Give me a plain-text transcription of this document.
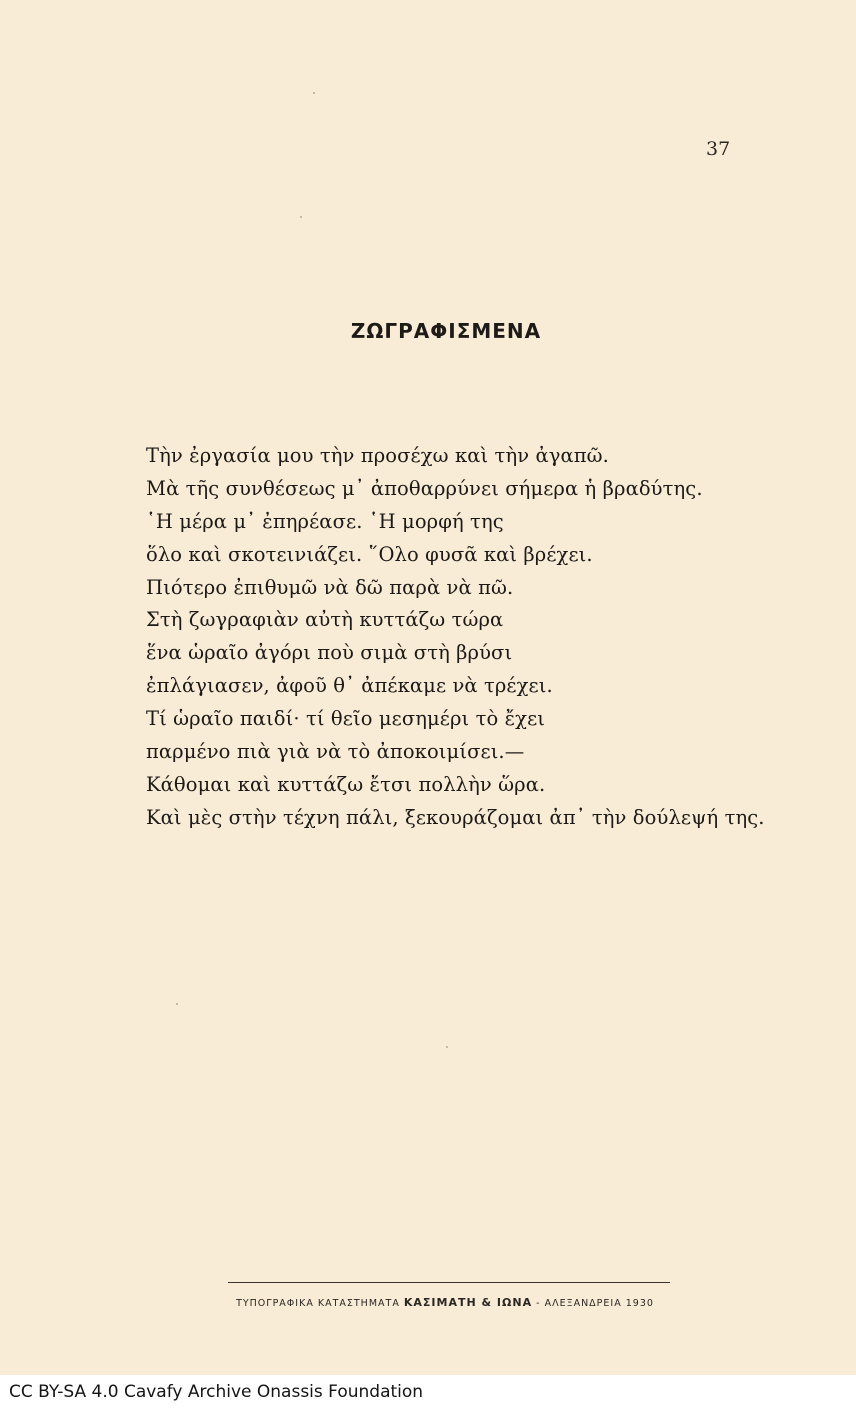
37
ΖΩΓΡΑΦΙΣΜΕΝΑ
Τὴν ἐργασία μου τὴν προσέχω καὶ τὴν ἀγαπῶ.
Μὰ τῆς συνθέσεως μ᾿ ἀποθαρρύνει σήμερα ἡ βραδύτης.
῾Η μέρα μ᾿ ἐπηρέασε. ῾Η μορφή της
ὅλο καὶ σκοτεινιάζει. ῞Ολο φυσᾶ καὶ βρέχει.
Πιότερο ἐπιθυμῶ νὰ δῶ παρὰ νὰ πῶ.
Στὴ ζωγραφιὰν αὐτὴ κυττάζω τώρα
ἕνα ὡραῖο ἀγόρι ποὺ σιμὰ στὴ βρύσι
ἐπλάγιασεν, ἀφοῦ θ᾿ ἀπέκαμε νὰ τρέχει.
Τί ὡραῖο παιδί· τί θεῖο μεσημέρι τὸ ἔχει
παρμένο πιὰ γιὰ νὰ τὸ ἀποκοιμίσει.—
Κάθομαι καὶ κυττάζω ἔτσι πολλὴν ὥρα.
Καὶ μὲς στὴν τέχνη πάλι, ξεκουράζομαι ἀπ᾿ τὴν δούλεψή της.
ΤΥΠΟΓΡΑΦΙΚΑ ΚΑΤΑΣΤΗΜΑΤΑ ΚΑΣΙΜΑΤΗ & ΙΩΝΑ - ΑΛΕΞΑΝΔΡΕΙΑ 1930
CC BY-SA 4.0 Cavafy Archive Onassis Foundation
